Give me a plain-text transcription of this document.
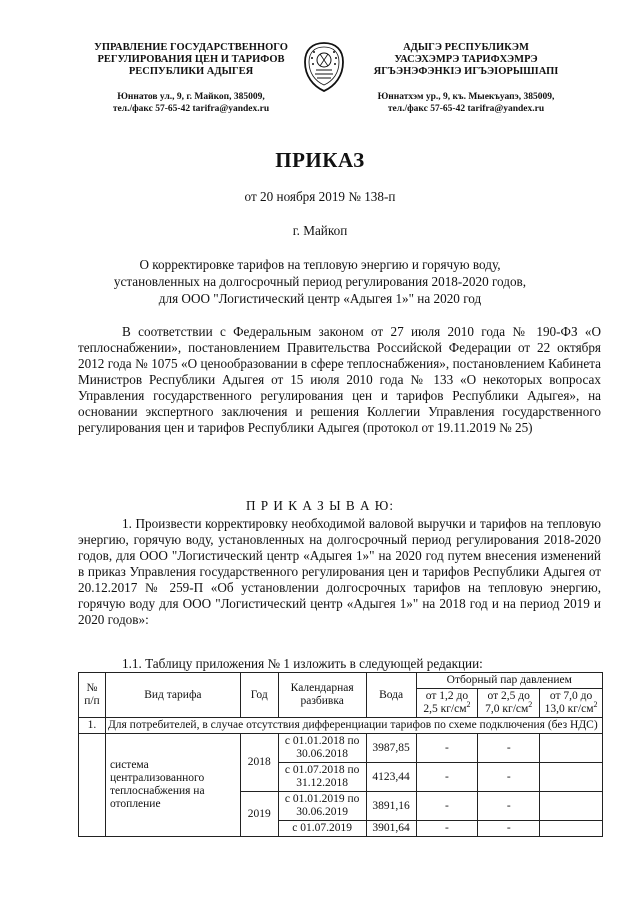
УПРАВЛЕНИЕ ГОСУДАРСТВЕННОГО
РЕГУЛИРОВАНИЯ ЦЕН И ТАРИФОВ
РЕСПУБЛИКИ АДЫГЕЯ
Юннатов ул., 9, г. Майкоп, 385009,
тел./факс 57-65-42 tarifra@yandex.ru
АДЫГЭ РЕСПУБЛИКЭМ
УАСЭХЭМРЭ ТАРИФХЭМРЭ
ЯГЪЭНЭФЭНКІЭ ИГЪЭІОРЫШІАПІ
Юннатхэм ур., 9, къ. Мыекъуапэ, 385009,
тел./факс 57-65-42 tarifra@yandex.ru
ПРИКАЗ
от 20 ноября 2019 № 138-п
г. Майкоп
О корректировке тарифов на тепловую энергию и горячую воду,
установленных на долгосрочный период регулирования 2018-2020 годов,
для ООО "Логистический центр «Адыгея 1»" на 2020 год
В соответствии с Федеральным законом от 27 июля 2010 года № 190-ФЗ «О теплоснабжении», постановлением Правительства Российской Федерации от 22 октября 2012 года № 1075 «О ценообразовании в сфере теплоснабжения», постановлением Кабинета Министров Республики Адыгея от 15 июля 2010 года № 133 «О некоторых вопросах Управления государственного регулирования цен и тарифов Республики Адыгея», на основании экспертного заключения и решения Коллегии Управления государственного регулирования цен и тарифов Республики Адыгея (протокол от 19.11.2019 № 25)
П Р И К А З Ы В А Ю:
1. Произвести корректировку необходимой валовой выручки и тарифов на тепловую энергию, горячую воду, установленных на долгосрочный период регулирования 2018-2020 годов, для ООО "Логистический центр «Адыгея 1»" на 2020 год путем внесения изменений в приказ Управления государственного регулирования цен и тарифов Республики Адыгея от 20.12.2017 № 259-П «Об установлении долгосрочных тарифов на тепловую энергию, горячую воду для ООО "Логистический центр «Адыгея 1»" на 2018 год и на период 2019 и 2020 годов»:
1.1. Таблицу приложения № 1 изложить в следующей редакции:
№ п/п	Вид тарифа	Год	Календарная разбивка	Вода	Отборный пар давлением		
					от 1,2 до 2,5 $кг/см^2$	от 2,5 до 7,0 $кг/см^2$	от 7,0 до 13,0 $кг/см^2$
1.	Для потребителей, в случае отсутствия дифференциации тарифов по схеме подключения (без НДС)						
	система централизованного теплоснабжения на отопление	2018	с 01.01.2018 по 30.06.2018	3987,85	-	-	
			с 01.07.2018 по 31.12.2018	4123,44	-	-	
		2019	с 01.01.2019 по 30.06.2019	3891,16	-	-	
			с 01.07.2019	3901,64	-	-	
